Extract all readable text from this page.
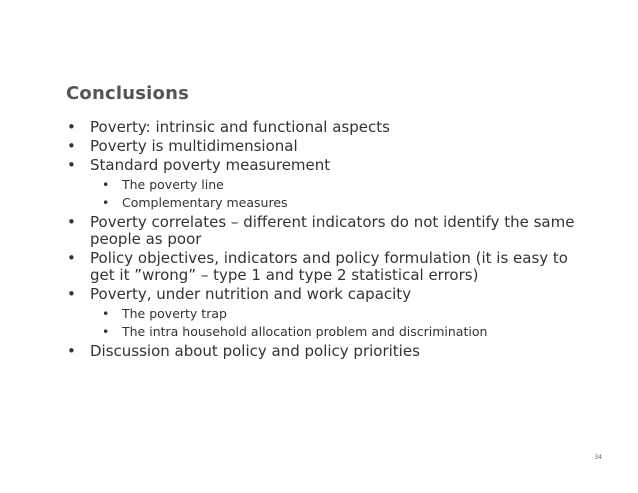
Conclusions
• Poverty: intrinsic and functional aspects
• Poverty is multidimensional
• Standard poverty measurement
• The poverty line
• Complementary measures
• Poverty correlates – different indicators do not identify the same people as poor
• Policy objectives, indicators and policy formulation (it is easy to get it ”wrong” – type 1 and type 2 statistical errors)
• Poverty, under nutrition and work capacity
• The poverty trap
• The intra household allocation problem and discrimination
• Discussion about policy and policy priorities
34
